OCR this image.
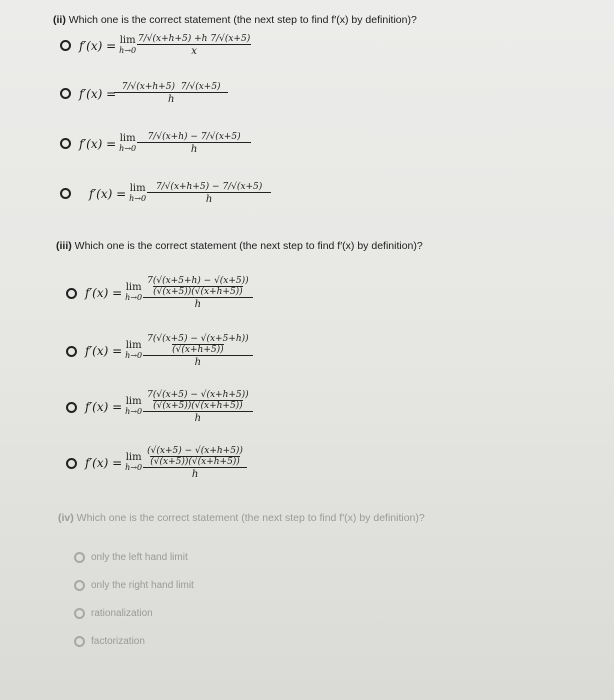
(ii) Which one is the correct statement (the next step to find f′(x) by definition)?
f′(x) = lim
$h\to 0 \frac{7/√(x+h+5) +h 7/√(x+5)}{x}$
$f'(x) = \frac{7/√(x+h+5) 7/√(x+5)}{h}$
f′(x) = lim
$h\to 0 \frac{7/√(x+h) - 7/√(x+5)}{h}$
f′(x) = lim
$h\to 0 \frac{7/√(x+h+5) - 7/√(x+5)}{h}$
(iii) Which one is the correct statement (the next step to find f′(x) by definition)?
f′(x) = lim
h→0 7(√(x+5+h) − √(x+5))
(√(x+5))(√(x+h+5))
h
f′(x) = lim
h→0 7(√(x+5) − √(x+5+h))
(√(x+h+5))
h
f′(x) = lim
h→0 7(√(x+5) − √(x+h+5))
(√(x+5))(√(x+h+5))
h
f′(x) = lim
h→0 (√(x+5) − √(x+h+5))
(√(x+5))(√(x+h+5))
h
(iv) Which one is the correct statement (the next step to find f′(x) by definition)?
only the left hand limit
only the right hand limit
rationalization
factorization
